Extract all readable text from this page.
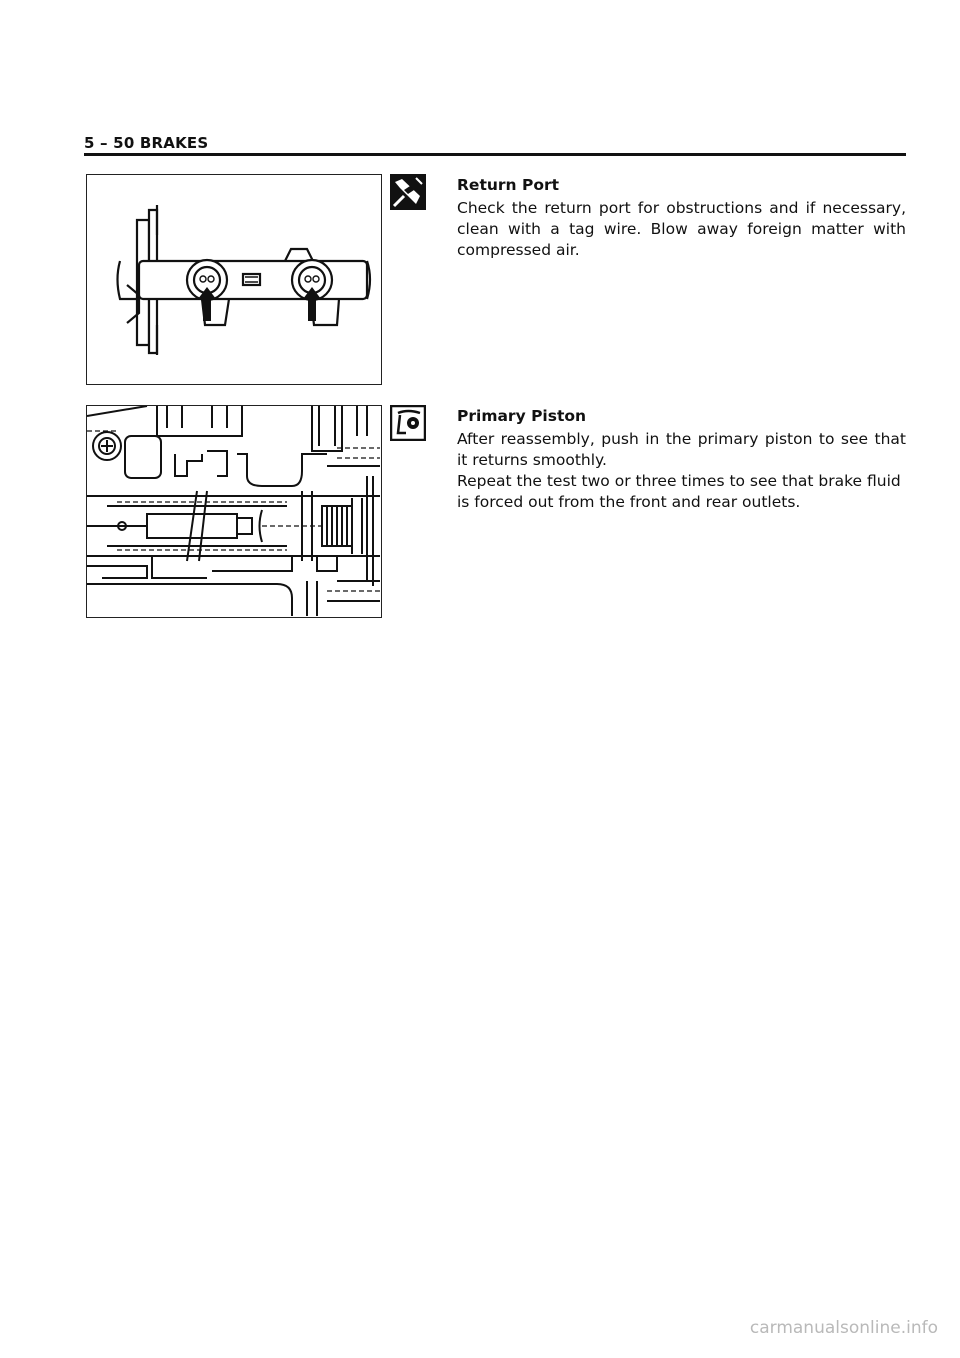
5 – 50 BRAKES
Return Port

Check the return port for obstructions and if necessary, clean with a tag wire. Blow away foreign matter with compressed air.

Primary Piston

After reassembly, push in the primary piston to see that it returns smoothly.

Repeat the test two or three times to see that brake fluid is forced out from the front and rear outlets.

carmanualsonline.info
